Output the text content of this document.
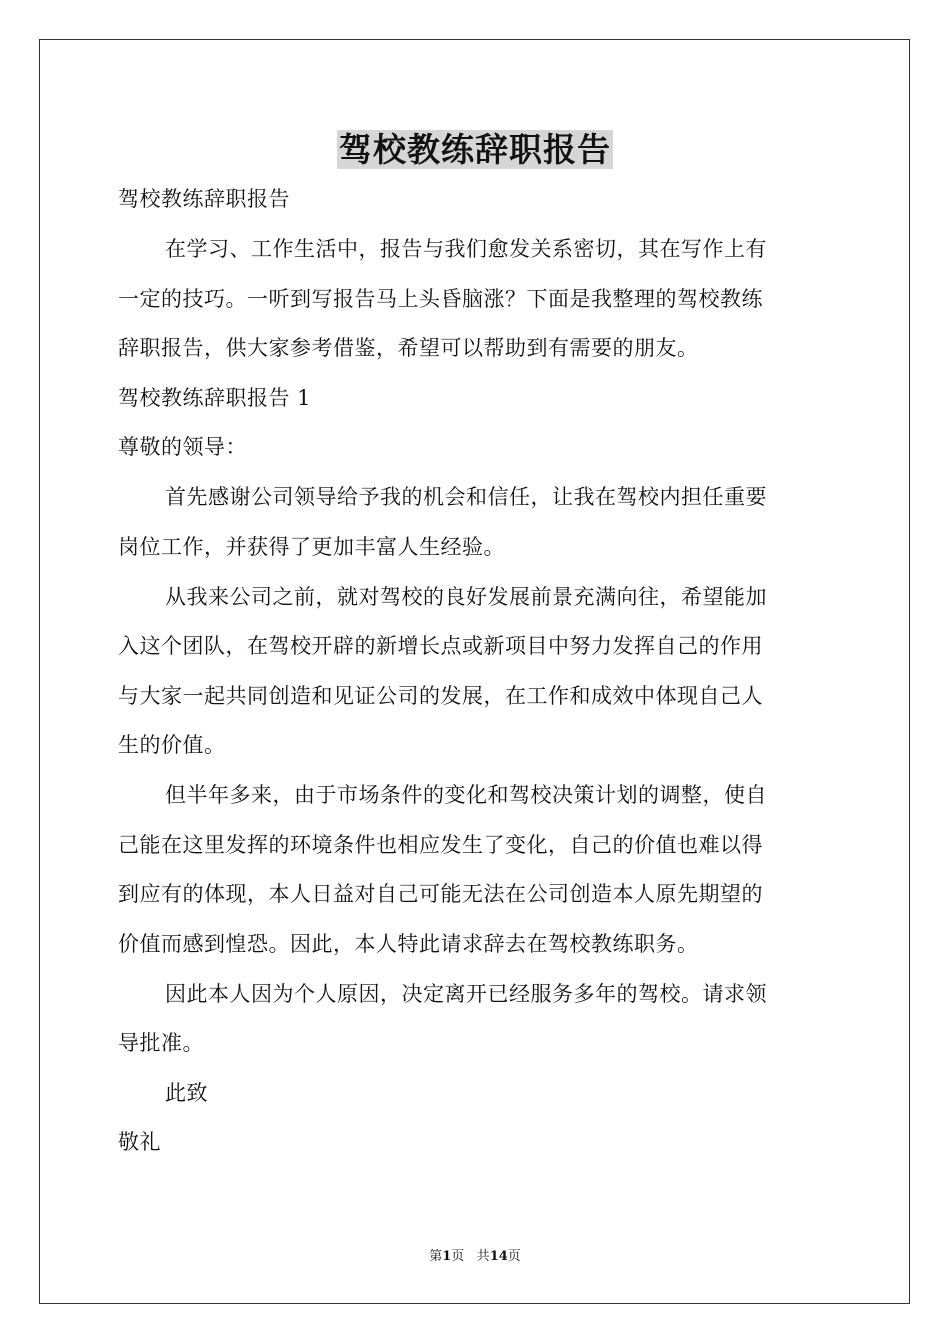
驾校教练辞职报告
驾校教练辞职报告
在学习、工作生活中，报告与我们愈发关系密切，其在写作上有
一定的技巧。一听到写报告马上头昏脑涨？下面是我整理的驾校教练
辞职报告，供大家参考借鉴，希望可以帮助到有需要的朋友。
驾校教练辞职报告 1
尊敬的领导：
首先感谢公司领导给予我的机会和信任，让我在驾校内担任重要
岗位工作，并获得了更加丰富人生经验。
从我来公司之前，就对驾校的良好发展前景充满向往，希望能加
入这个团队，在驾校开辟的新增长点或新项目中努力发挥自己的作用
与大家一起共同创造和见证公司的发展，在工作和成效中体现自己人
生的价值。
但半年多来，由于市场条件的变化和驾校决策计划的调整，使自
己能在这里发挥的环境条件也相应发生了变化，自己的价值也难以得
到应有的体现，本人日益对自己可能无法在公司创造本人原先期望的
价值而感到惶恐。因此，本人特此请求辞去在驾校教练职务。
因此本人因为个人原因，决定离开已经服务多年的驾校。请求领
导批准。
此致
敬礼
第1页 共14页
